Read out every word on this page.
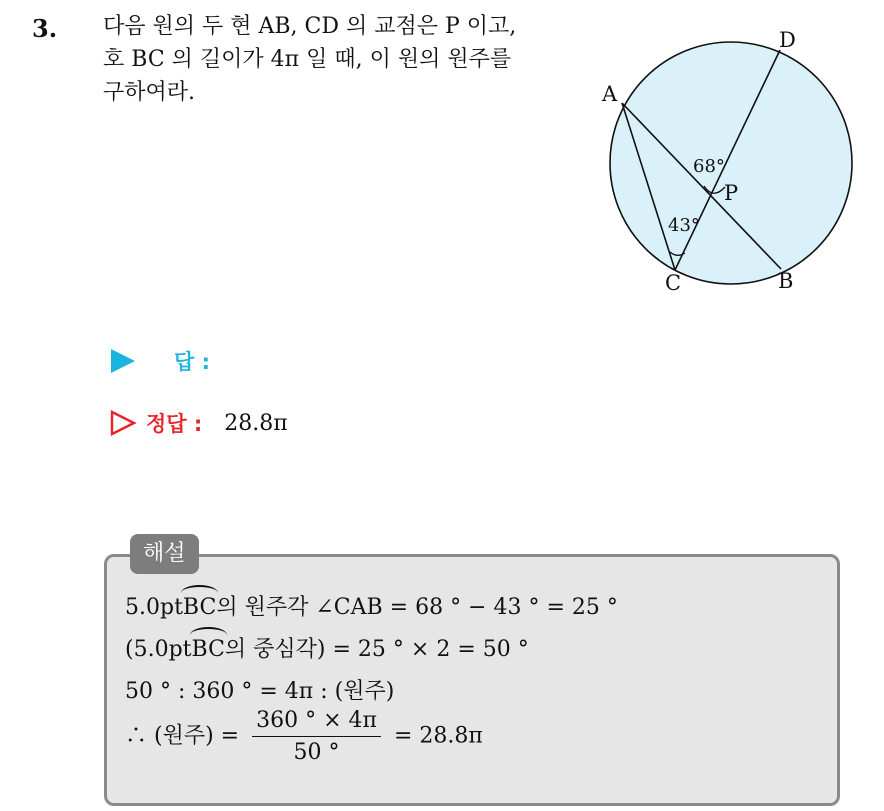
3. 다음 원의 두 현 AB, CD 의 교점은 P 이고,
호 BC 의 길이가 4π 일 때, 이 원의 원주를
구하여라.	A
D
P
C	B
68°
43°
답 :
정답 : 28.8π
해설
5.0ptBC의 원주각 ∠CAB = 68 ° − 43 ° = 25 °
(5.0ptBC의 중심각) = 25 ° × 2 = 50 °
50 ° : 360 ° = 4π : (원주)
∴ (원주) = $\frac{360 ^\circ \times 4\pi}{50 ^\circ} = 28.8\pi$
